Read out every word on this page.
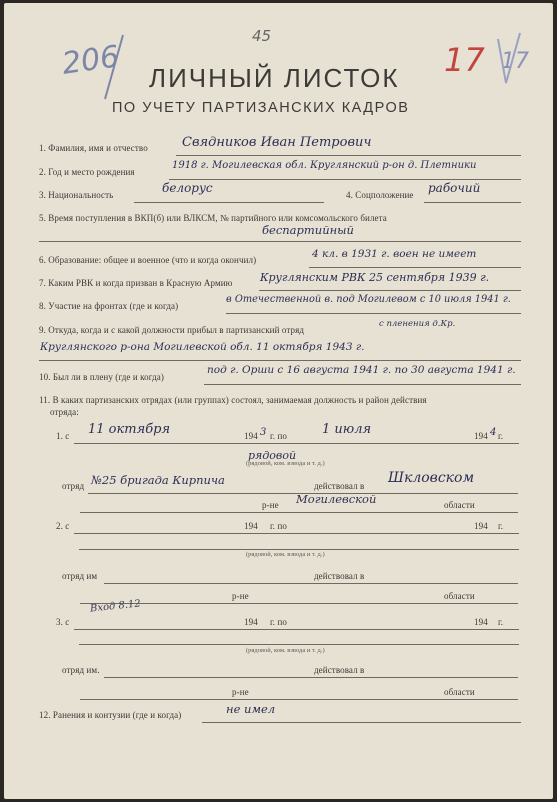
206
45
17 17
ЛИЧНЫЙ ЛИСТОК
ПО УЧЕТУ ПАРТИЗАНСКИХ КАДРОВ
1. Фамилия, имя и отчество	Свядников Иван Петрович
2. Год и место рождения
1918 г. Могилевская обл. Круглянский р-он д. Плетники
3. Национальность	белорус	4. Соцположение рабочий
5. Время поступления в ВКП(б) или ВЛКСМ, № партийного или комсомольского билета
беспартийный
6. Образование: общее и военное (что и когда окончил)	4 кл. в 1931 г. воен не имеет
7. Каким РВК и когда призван в Красную Армию	Круглянским РВК 25 сентября 1939 г.
8. Участие на фронтах (где и когда)
в Отечественной в. под Могилевом с 10 июля 1941 г.
9. Откуда, когда и с какой должности прибыл в партизанский отряд
с пленения д.Кр.
Круглянского р-она Могилевской обл. 11 октября 1943 г.
10. Был ли в плену (где и когда)
под г. Орши с 16 августа 1941 г. по 30 августа 1941 г.
11. В каких партизанских отрядах (или группах) состоял, занимаемая должность и район действия
отряда:
1. с 11 октября	194 3 г. по	1 июля	194 4 г.
рядовой
(рядовой, ком. взвода и т. д.)
отряд №25 бригада Кирпича	действовал в Шкловском
р-не Могилевской	области
2. с	194 г. по	194 г.
(рядовой, ком. взвода и т. д.)
отряд им	действовал в
р-не	области
Вход 8.12
3. с	194 г. по	194 г.
(рядовой, ком. взвода и т. д.)
отряд им.	действовал в
р-не	области
12. Ранения и контузии (где и когда)	не имел
